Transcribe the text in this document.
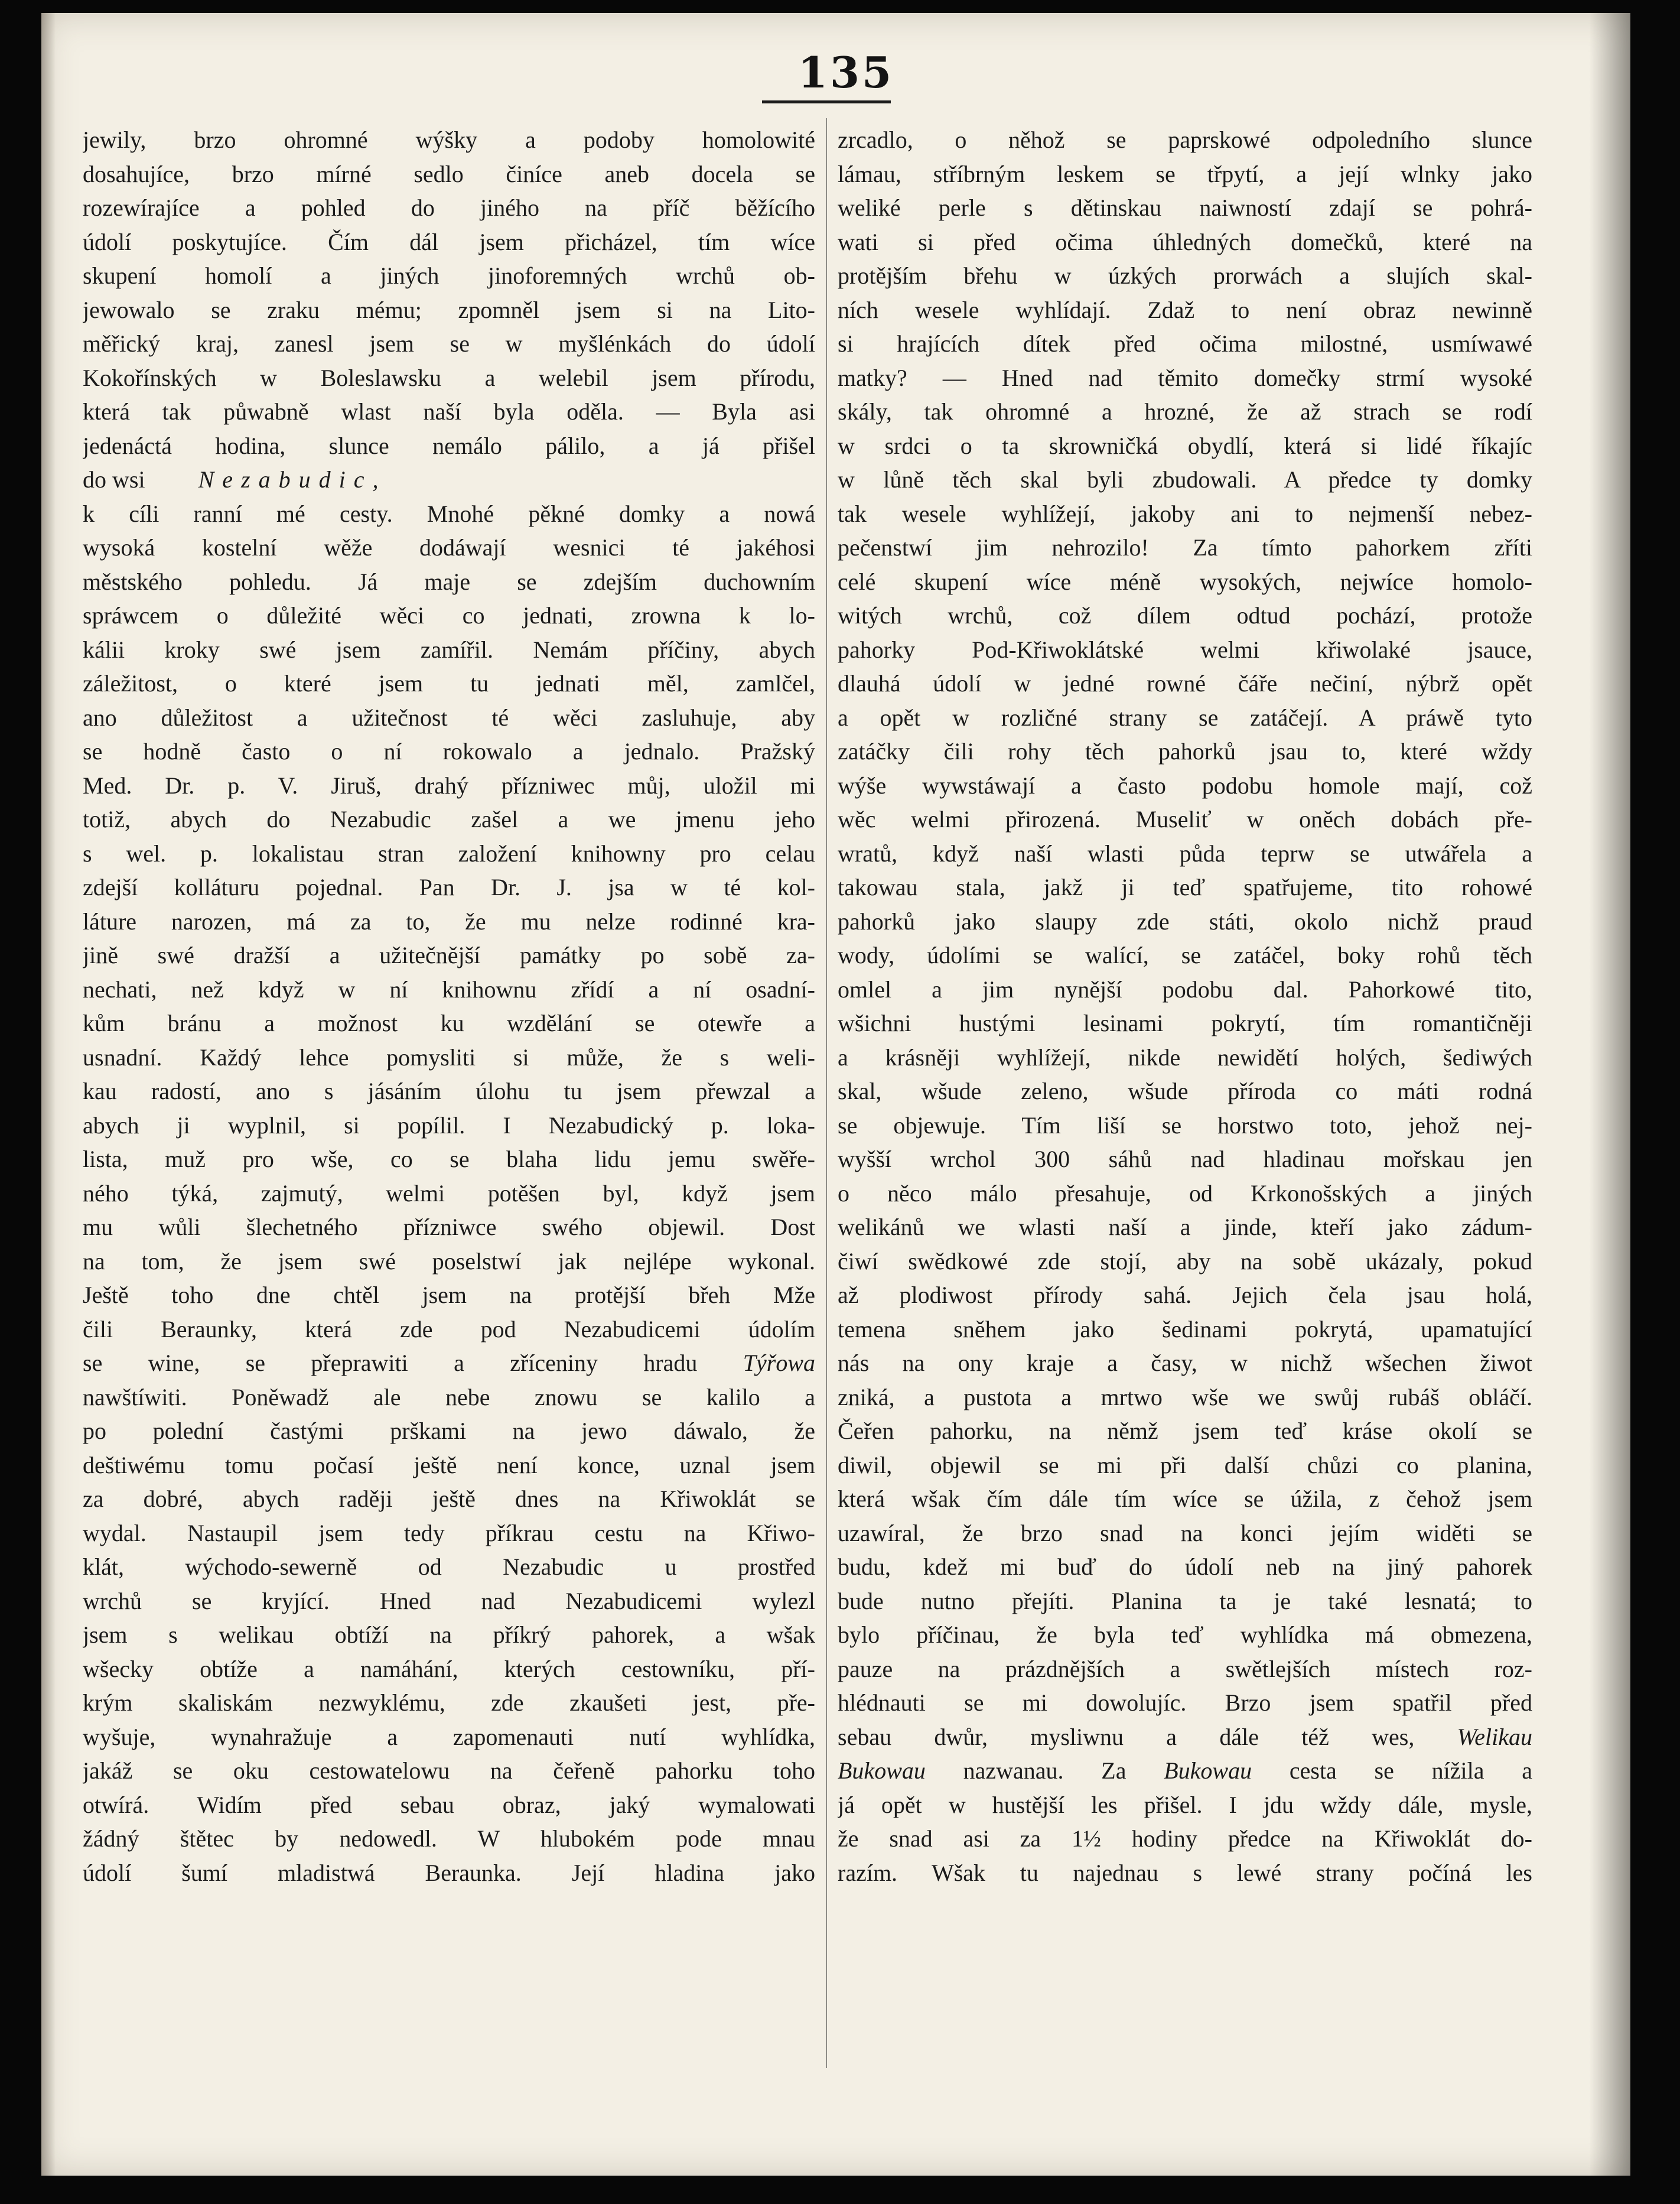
135
jewily, brzo ohromné wýšky a podoby homolowité
dosahujíce, brzo mírné sedlo činíce aneb docela se
rozewírajíce a pohled do jiného na příč běžícího
údolí poskytujíce. Čím dál jsem přicházel, tím wíce
skupení homolí a jiných jinoforemných wrchů ob-
jewowalo se zraku mému; zpomněl jsem si na Lito-
měřický kraj, zanesl jsem se w myšlénkách do údolí
Kokořínských w Boleslawsku a welebil jsem přírodu,
která tak půwabně wlast naší byla oděla. — Byla asi
jedenáctá hodina, slunce nemálo pálilo, a já přišel
do wsi Nezabudic,
k cíli ranní mé cesty. Mnohé pěkné domky a nowá
wysoká kostelní wěže dodáwají wesnici té jakéhosi
městského pohledu. Já maje se zdejším duchowním
spráwcem o důležité wěci co jednati, zrowna k lo-
kálii kroky swé jsem zamířil. Nemám příčiny, abych
záležitost, o které jsem tu jednati měl, zamlčel,
ano důležitost a užitečnost té wěci zasluhuje, aby
se hodně často o ní rokowalo a jednalo. Pražský
Med. Dr. p. V. Jiruš, drahý příznіwec můj, uložil mi
totiž, abych do Nezabudic zašel a we jmenu jeho
s wel. p. lokalistau stran založení knihowny pro celau
zdejší kolláturu pojednal. Pan Dr. J. jsa w té kol-
láture narozen, má za to, že mu nelze rodinné kra-
jině swé dražší a užitečnější památky po sobě za-
nechati, než když w ní knihownu zřídí a ní osadní-
kům bránu a možnost ku wzdělání se otewře a
usnadní. Každý lehce pomysliti si může, že s weli-
kau radostí, ano s jásáním úlohu tu jsem přewzal a
abych ji wyplnil, si popílil. I Nezabudický p. loka-
lista, muž pro wše, co se blaha lidu jemu swěře-
ného týká, zajmutý, welmi potěšen byl, když jsem
mu wůli šlechetného příznіwce swého objewil. Dost
na tom, že jsem swé poselstwí jak nejlépe wykonal.
Ještě toho dne chtěl jsem na protější břeh Mže
čili Beraunky, která zde pod Nezabudicemi údolím
se wine, se přeprawiti a zříceniny hradu Týřowa
nawštíwiti. Poněwadž ale nebe znowu se kalilo a
po polední častými prškami na jewo dáwalo, že
deštiwému tomu počasí ještě není konce, uznal jsem
za dobré, abych raději ještě dnes na Křiwoklát se
wydal. Nastaupil jsem tedy příkrau cestu na Křiwo-
klát, wýchodo-sewerně od Nezabudic u prostřed
wrchů se kryjící. Hned nad Nezabudicemi wylezl
jsem s welikau obtíží na příkrý pahorek, a wšak
wšecky obtíže a namáhání, kterých cestowníku, pří-
krým skaliskám nezwyklému, zde zkaušeti jest, pře-
wyšuje, wynahražuje a zapomenauti nutí wyhlídka,
jakáž se oku cestowatelowu na čeřeně pahorku toho
otwírá. Widím před sebau obraz, jaký wymalowati
žádný štětec by nedowedl. W hlubokém pode mnau
údolí šumí mladistwá Beraunka. Její hladina jako
zrcadlo, o něhož se paprskowé odpoledního slunce
lámau, stříbrným leskem se třpytí, a její wlnky jako
weliké perle s dětinskau naiwností zdají se pohrá-
wati si před očima úhledných domečků, které na
protějším břehu w úzkých prorwách a slujích skal-
ních wesele wyhlídají. Zdaž to není obraz newinně
si hrajících dítek před očima milostné, usmíwawé
matky? — Hned nad těmito domečky strmí wysoké
skály, tak ohromné a hrozné, že až strach se rodí
w srdci o ta skrowničká obydlí, která si lidé říkajíc
w lůně těch skal byli zbudowali. A předce ty domky
tak wesele wyhlížejí, jakoby ani to nejmenší nebez-
pečenstwí jim nehrozilo! Za tímto pahorkem zříti
celé skupení wíce méně wysokých, nejwíce homolo-
witých wrchů, což dílem odtud pochází, protože
pahorky Pod-Křiwoklátské welmi křiwolaké jsauce,
dlauhá údolí w jedné rowné čáře nečiní, nýbrž opět
a opět w rozličné strany se zatáčejí. A práwě tyto
zatáčky čili rohy těch pahorků jsau to, které wždy
wýše wywstáwají a často podobu homole mají, což
wěc welmi přirozená. Museliť w oněch dobách pře-
wratů, když naší wlasti půda teprw se utwářela a
takowau stala, jakž ji teď spatřujeme, tito rohowé
pahorků jako slaupy zde státi, okolo nichž praud
wody, údolími se walící, se zatáčel, boky rohů těch
omlel a jim nynější podobu dal. Pahorkowé tito,
wšichni hustými lesinami pokrytí, tím romantičněji
a krásněji wyhlížejí, nikde newidětí holých, šediwých
skal, wšude zeleno, wšude příroda co máti rodná
se objewuje. Tím liší se horstwo toto, jehož nej-
wyšší wrchol 300 sáhů nad hladinau mořskau jen
o něco málo přesahuje, od Krkonošských a jiných
welikánů we wlasti naší a jinde, kteří jako zádum-
čiwí swědkowé zde stojí, aby na sobě ukázaly, pokud
až plodiwost přírody sahá. Jejich čela jsau holá,
temena sněhem jako šedinami pokrytá, upamatující
nás na ony kraje a časy, w nichž wšechen žiwot
zniká, a pustota a mrtwo wše we swůj rubáš obláčí.
Čeřen pahorku, na němž jsem teď kráse okolí se
diwil, objewil se mi při další chůzi co planina,
která wšak čím dále tím wíce se úžila, z čehož jsem
uzawíral, že brzo snad na konci jejím widěti se
budu, kdež mi buď do údolí neb na jiný pahorek
bude nutno přejíti. Planina ta je také lesnatá; to
bylo příčinau, že byla teď wyhlídka má obmezena,
pauze na prázdnějších a swětlejších místech roz-
hlédnauti se mi dowolujíc. Brzo jsem spatřil před
sebau dwůr, mysliwnu a dále též wes, Welikau
Bukowau nazwanau. Za Bukowau cesta se nížila a
já opět w hustější les přišel. I jdu wždy dále, mysle,
že snad asi za 1½ hodiny předce na Křiwoklát do-
razím. Wšak tu najednau s lewé strany počíná les
